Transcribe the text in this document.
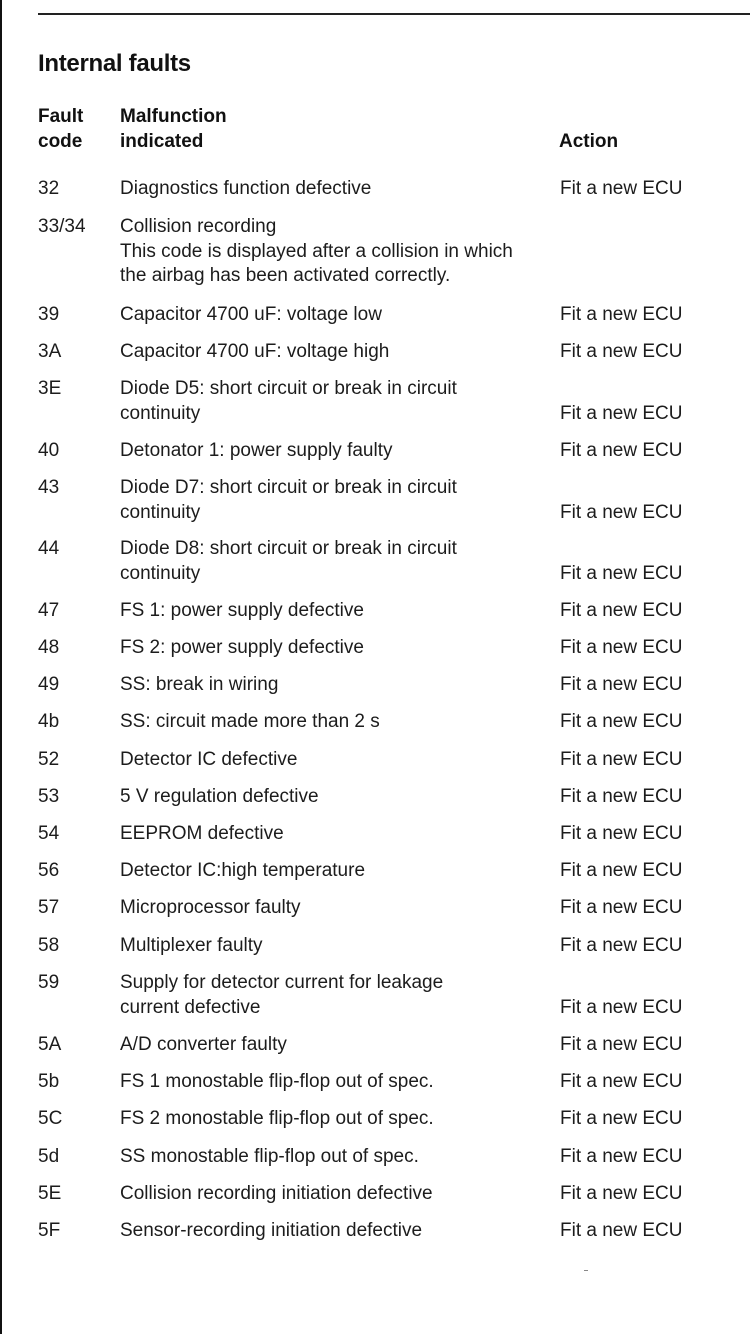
Internal faults
Fault
code
Malfunction
indicated	Action
32	Diagnostics function defective	Fit a new ECU
33/34	Collision recording
This code is displayed after a collision in which
the airbag has been activated correctly.
39	Capacitor 4700 uF: voltage low	Fit a new ECU
3A	Capacitor 4700 uF: voltage high	Fit a new ECU
3E	Diode D5: short circuit or break in circuit
continuity	Fit a new ECU
40	Detonator 1: power supply faulty	Fit a new ECU
43	Diode D7: short circuit or break in circuit
continuity	Fit a new ECU
44	Diode D8: short circuit or break in circuit
continuity	Fit a new ECU
47	FS 1: power supply defective	Fit a new ECU
48	FS 2: power supply defective	Fit a new ECU
49	SS: break in wiring	Fit a new ECU
4b	SS: circuit made more than 2 s	Fit a new ECU
52	Detector IC defective	Fit a new ECU
53	5 V regulation defective	Fit a new ECU
54	EEPROM defective	Fit a new ECU
56	Detector IC:high temperature	Fit a new ECU
57	Microprocessor faulty	Fit a new ECU
58	Multiplexer faulty	Fit a new ECU
59	Supply for detector current for leakage
current defective	Fit a new ECU
5A	A/D converter faulty	Fit a new ECU
5b	FS 1 monostable flip-flop out of spec.	Fit a new ECU
5C	FS 2 monostable flip-flop out of spec.	Fit a new ECU
5d	SS monostable flip-flop out of spec.	Fit a new ECU
5E	Collision recording initiation defective	Fit a new ECU
5F	Sensor-recording initiation defective	Fit a new ECU
